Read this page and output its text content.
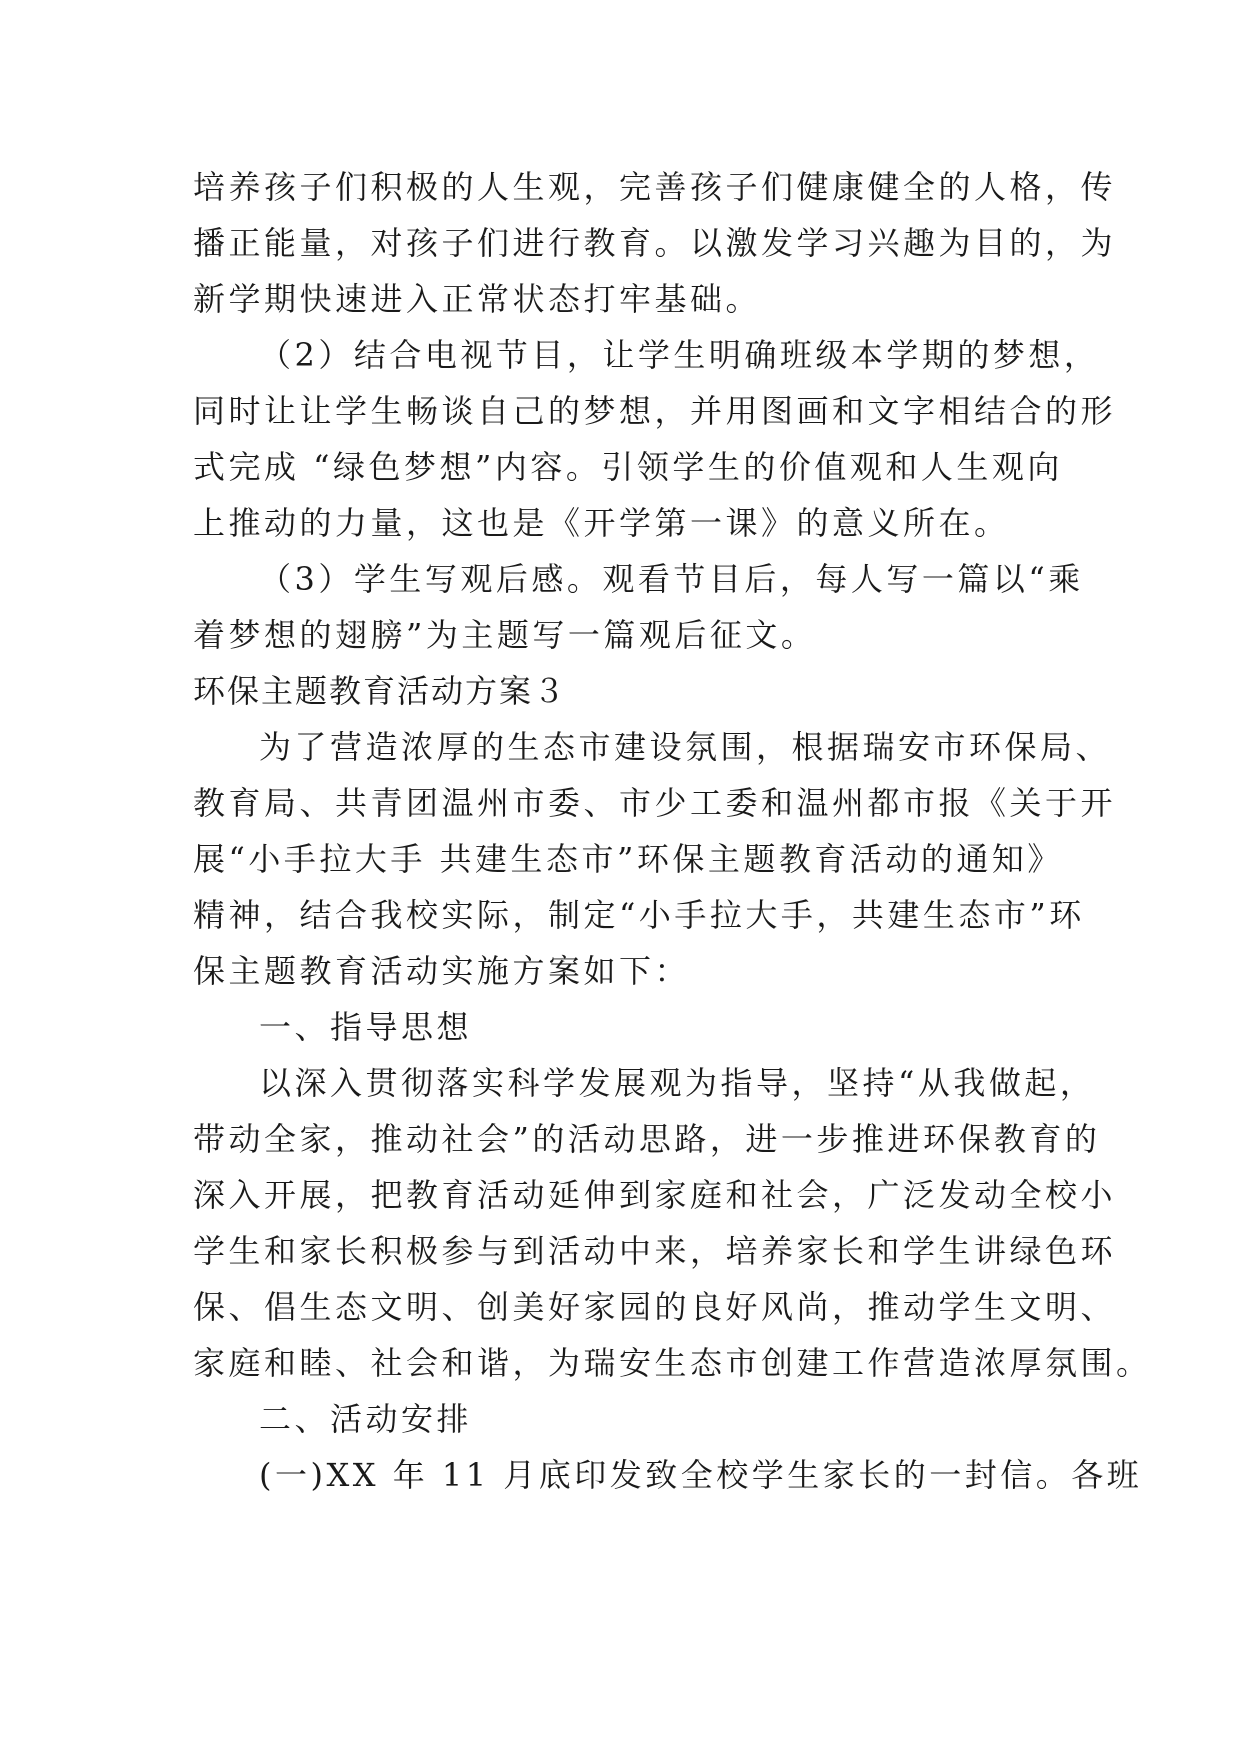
培养孩子们积极的人生观，完善孩子们健康健全的人格，传
播正能量，对孩子们进行教育。以激发学习兴趣为目的，为
新学期快速进入正常状态打牢基础。
（2）结合电视节目，让学生明确班级本学期的梦想，
同时让让学生畅谈自己的梦想，并用图画和文字相结合的形
式完成 “绿色梦想”内容。引领学生的价值观和人生观向
上推动的力量，这也是《开学第一课》的意义所在。
（3）学生写观后感。观看节目后，每人写一篇以“乘
着梦想的翅膀”为主题写一篇观后征文。
环保主题教育活动方案３
为了营造浓厚的生态市建设氛围，根据瑞安市环保局、
教育局、共青团温州市委、市少工委和温州都市报《关于开
展“小手拉大手 共建生态市”环保主题教育活动的通知》
精神，结合我校实际，制定“小手拉大手，共建生态市”环
保主题教育活动实施方案如下：
一、指导思想
以深入贯彻落实科学发展观为指导，坚持“从我做起，
带动全家，推动社会”的活动思路，进一步推进环保教育的
深入开展，把教育活动延伸到家庭和社会，广泛发动全校小
学生和家长积极参与到活动中来，培养家长和学生讲绿色环
保、倡生态文明、创美好家园的良好风尚，推动学生文明、
家庭和睦、社会和谐，为瑞安生态市创建工作营造浓厚氛围。
二、活动安排
(一)XX 年 11 月底印发致全校学生家长的一封信。各班
